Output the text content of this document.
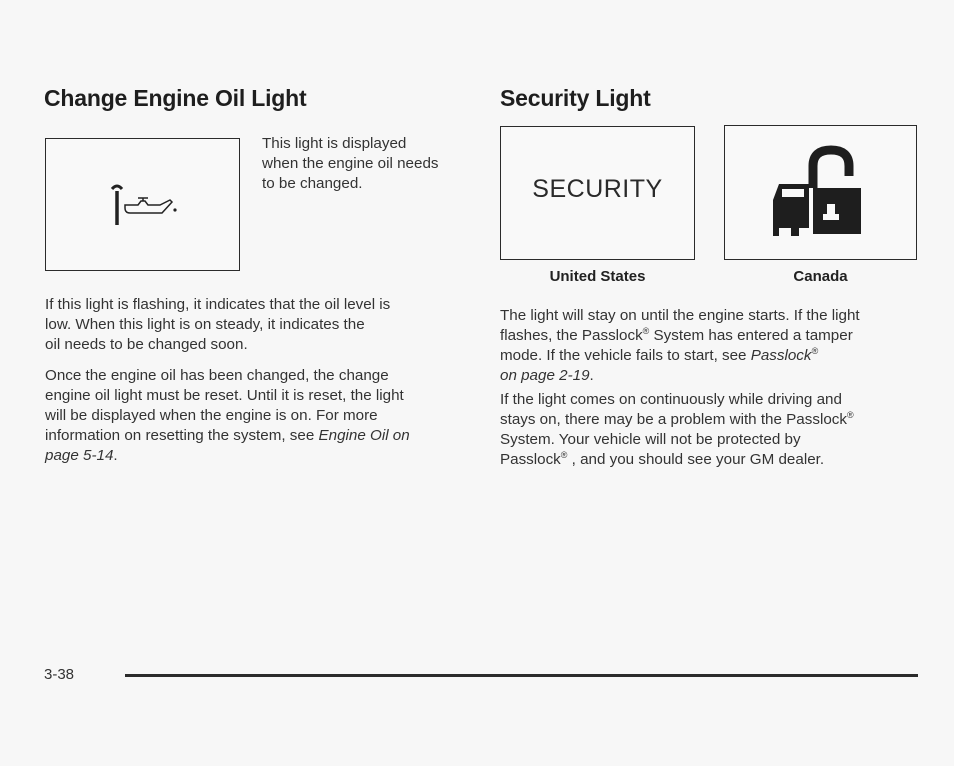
Change Engine Oil Light

This light is displayed
when the engine oil needs
to be changed.

If this light is flashing, it indicates that the oil level is
low. When this light is on steady, it indicates the
oil needs to be changed soon.

Once the engine oil has been changed, the change
engine oil light must be reset. Until it is reset, the light
will be displayed when the engine is on. For more
information on resetting the system, see Engine Oil on
page 5-14.

Security Light
SECURITY
United States	Canada

The light will stay on until the engine starts. If the light
flashes, the Passlock® System has entered a tamper
mode. If the vehicle fails to start, see Passlock®
on page 2-19.

If the light comes on continuously while driving and
stays on, there may be a problem with the Passlock®
System. Your vehicle will not be protected by
Passlock® , and you should see your GM dealer.

3-38
